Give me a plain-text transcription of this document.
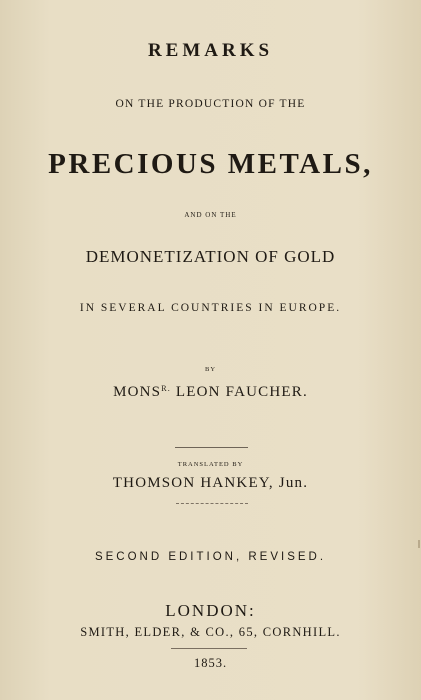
REMARKS
ON THE PRODUCTION OF THE
PRECIOUS METALS,
AND ON THE
DEMONETIZATION OF GOLD
IN SEVERAL COUNTRIES IN EUROPE.
BY
$MONS^{R.}$ LEON FAUCHER.
TRANSLATED BY
THOMSON HANKEY, Jun.
SECOND EDITION, REVISED.
LONDON:
SMITH, ELDER, & CO., 65, CORNHILL.
1853.
